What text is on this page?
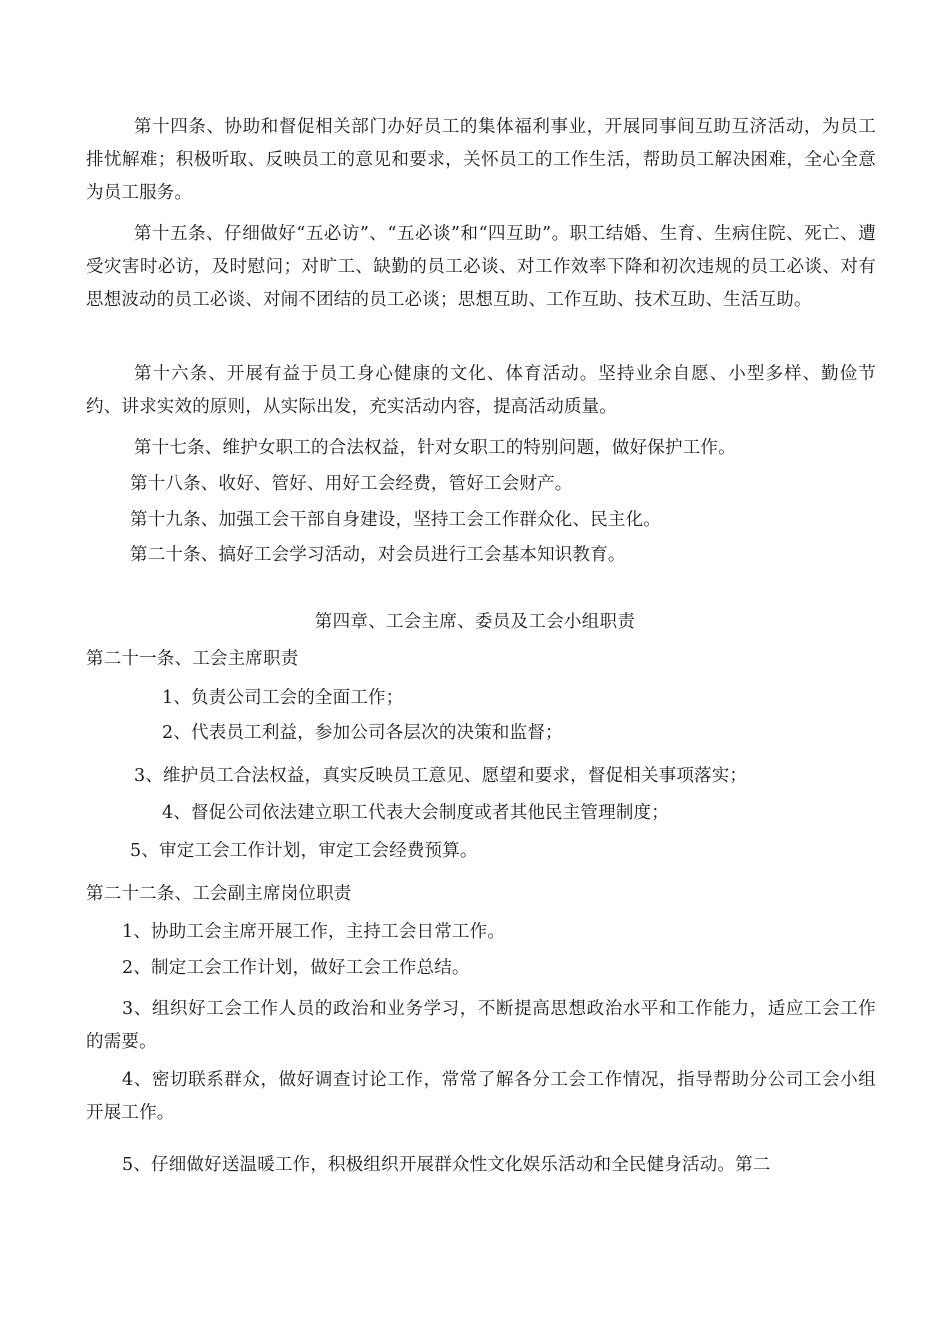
第十四条、协助和督促相关部门办好员工的集体福利事业，开展同事间互助互济活动，为员工排忧解难；积极听取、反映员工的意见和要求，关怀员工的工作生活，帮助员工解决困难，全心全意为员工服务。
第十五条、仔细做好“五必访”、“五必谈”和“四互助”。职工结婚、生育、生病住院、死亡、遭受灾害时必访，及时慰问；对旷工、缺勤的员工必谈、对工作效率下降和初次违规的员工必谈、对有思想波动的员工必谈、对闹不团结的员工必谈；思想互助、工作互助、技术互助、生活互助。
第十六条、开展有益于员工身心健康的文化、体育活动。坚持业余自愿、小型多样、勤俭节约、讲求实效的原则，从实际出发，充实活动内容，提高活动质量。
第十七条、维护女职工的合法权益，针对女职工的特别问题，做好保护工作。
第十八条、收好、管好、用好工会经费，管好工会财产。
第十九条、加强工会干部自身建设，坚持工会工作群众化、民主化。
第二十条、搞好工会学习活动，对会员进行工会基本知识教育。
第四章、工会主席、委员及工会小组职责
第二十一条、工会主席职责
1、负责公司工会的全面工作；
2、代表员工利益，参加公司各层次的决策和监督；
3、维护员工合法权益，真实反映员工意见、愿望和要求，督促相关事项落实；
4、督促公司依法建立职工代表大会制度或者其他民主管理制度；
5、审定工会工作计划，审定工会经费预算。
第二十二条、工会副主席岗位职责
1、协助工会主席开展工作，主持工会日常工作。
2、制定工会工作计划，做好工会工作总结。
3、组织好工会工作人员的政治和业务学习，不断提高思想政治水平和工作能力，适应工会工作的需要。
4、密切联系群众，做好调查讨论工作，常常了解各分工会工作情况，指导帮助分公司工会小组开展工作。
5、仔细做好送温暖工作，积极组织开展群众性文化娱乐活动和全民健身活动。第二
